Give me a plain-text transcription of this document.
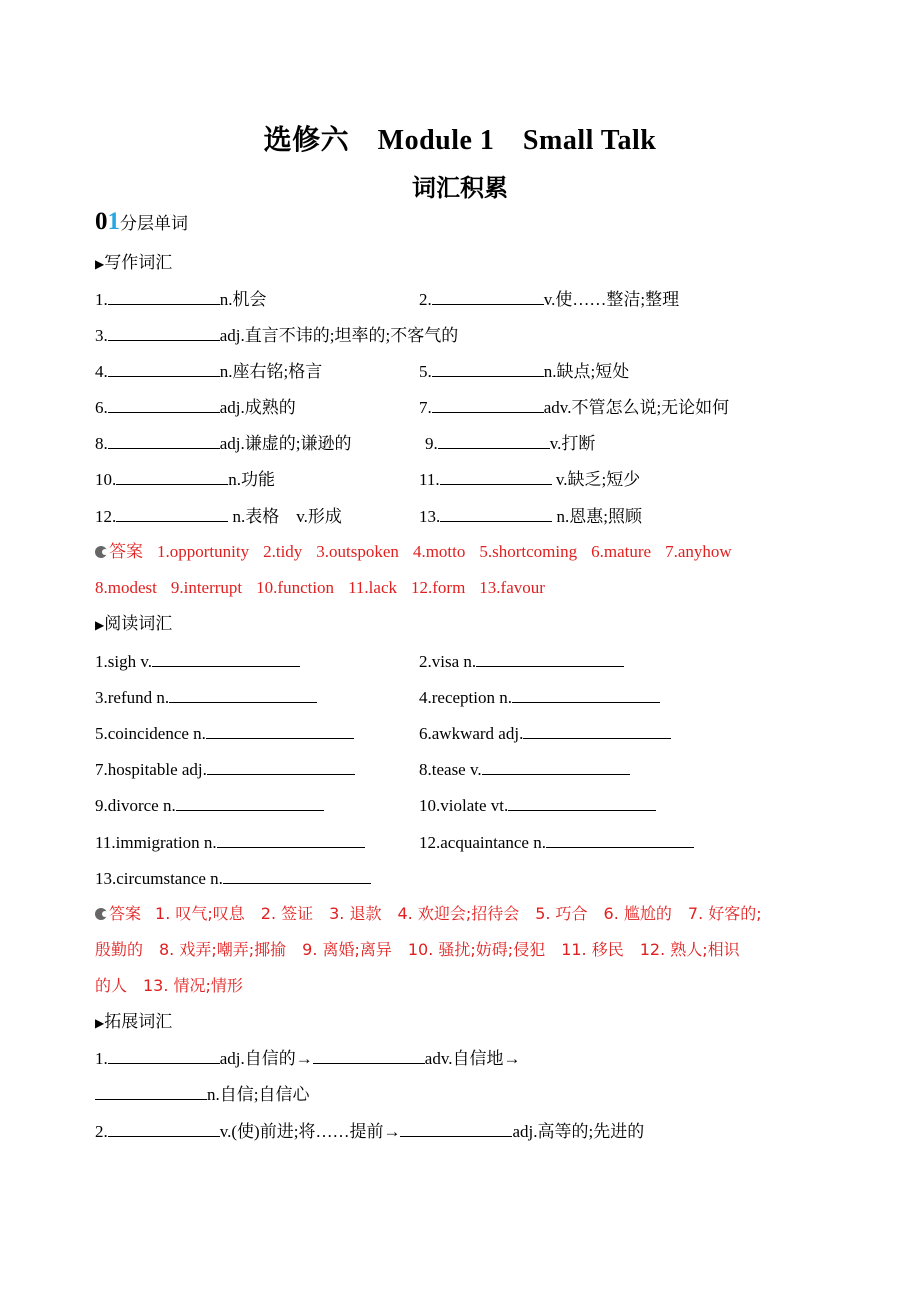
选修六　Module 1　Small Talk
词汇积累
01分层单词
▶写作词汇
1.	n.机会	2.	v.使……整洁;整理
3.	adj.直言不讳的;坦率的;不客气的
4.	n.座右铭;格言	5.	n.缺点;短处
6.	adj.成熟的	7.	adv.不管怎么说;无论如何
8.	adj.谦虚的;谦逊的	9.	v.打断
10.	n.功能	11.	v.缺乏;短少
12.	n.表格　v.形成	13.	n.恩惠;照顾
答案 1.opportunity 2.tidy 3.outspoken 4.motto 5.shortcoming 6.mature 7.anyhow
8.modest 9.interrupt 10.function 11.lack 12.form 13.favour
▶阅读词汇
1.sigh v.	2.visa n.
3.refund n.	4.reception n.
5.coincidence n.	6.awkward adj.
7.hospitable adj.	8.tease v.
9.divorce n.	10.violate vt.
11.immigration n.	12.acquaintance n.
13.circumstance n.
答案 1. 叹气;叹息　2. 签证　3. 退款　4. 欢迎会;招待会　5. 巧合　6. 尴尬的　7. 好客的;
殷勤的　8. 戏弄;嘲弄;揶揄　9. 离婚;离异　10. 骚扰;妨碍;侵犯　11. 移民　12. 熟人;相识
的人　13. 情况;情形
▶拓展词汇
1.	adj.自信的→	adv.自信地→
n.自信;自信心
2.	v.(使)前进;将……提前→	adj.高等的;先进的
